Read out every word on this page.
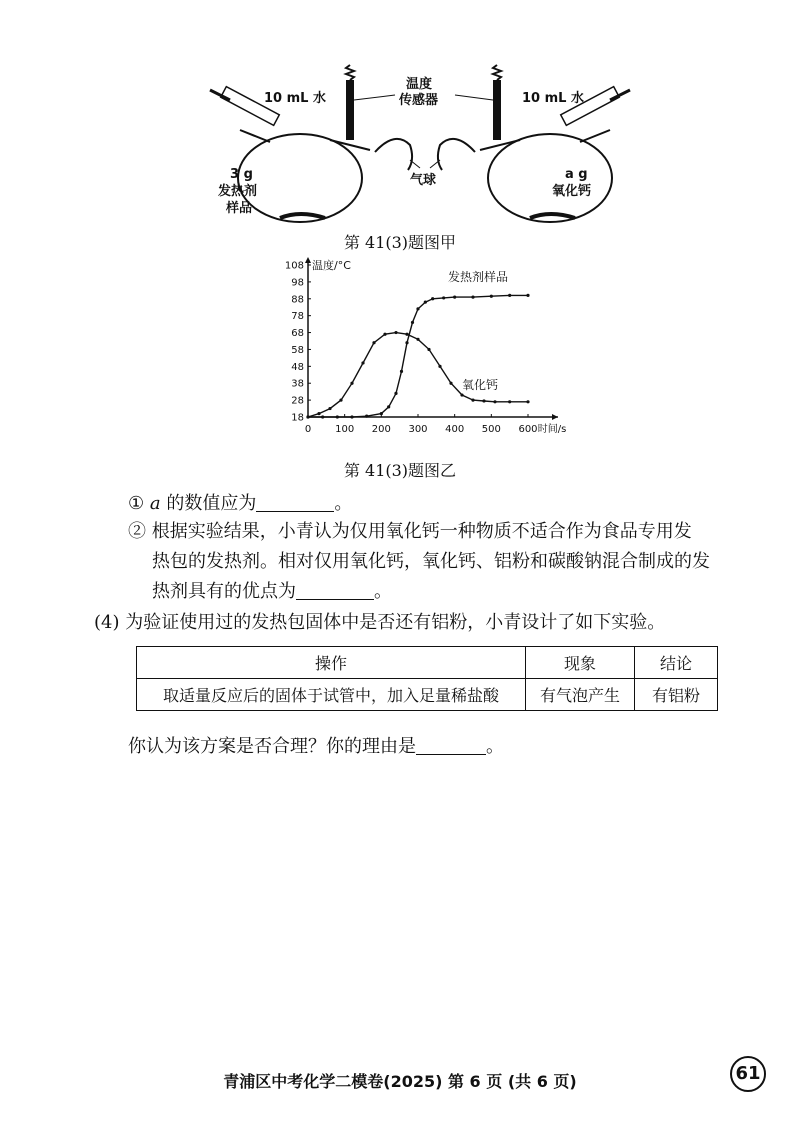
10 mL 水	10 mL 水
温度
传感器
3 g
发热剂
样品
气球	a g
氧化钙
第 41(3)题图甲
0 100 200 300 400 500 600
18
28
38
48
58
68
78
88
98
108 温度/°C
时间/s
发热剂样品
氧化钙
第 41(3)题图乙
① a 的数值应为	。
② 根据实验结果，小青认为仅用氧化钙一种物质不适合作为食品专用发
热包的发热剂。相对仅用氧化钙，氧化钙、铝粉和碳酸钠混合制成的发
热剂具有的优点为	。
(4) 为验证使用过的发热包固体中是否还有铝粉，小青设计了如下实验。
操作	现象	结论
取适量反应后的固体于试管中，加入足量稀盐酸	有气泡产生	有铝粉
你认为该方案是否合理？你的理由是	。
青浦区中考化学二模卷(2025) 第 6 页 (共 6 页)	61
